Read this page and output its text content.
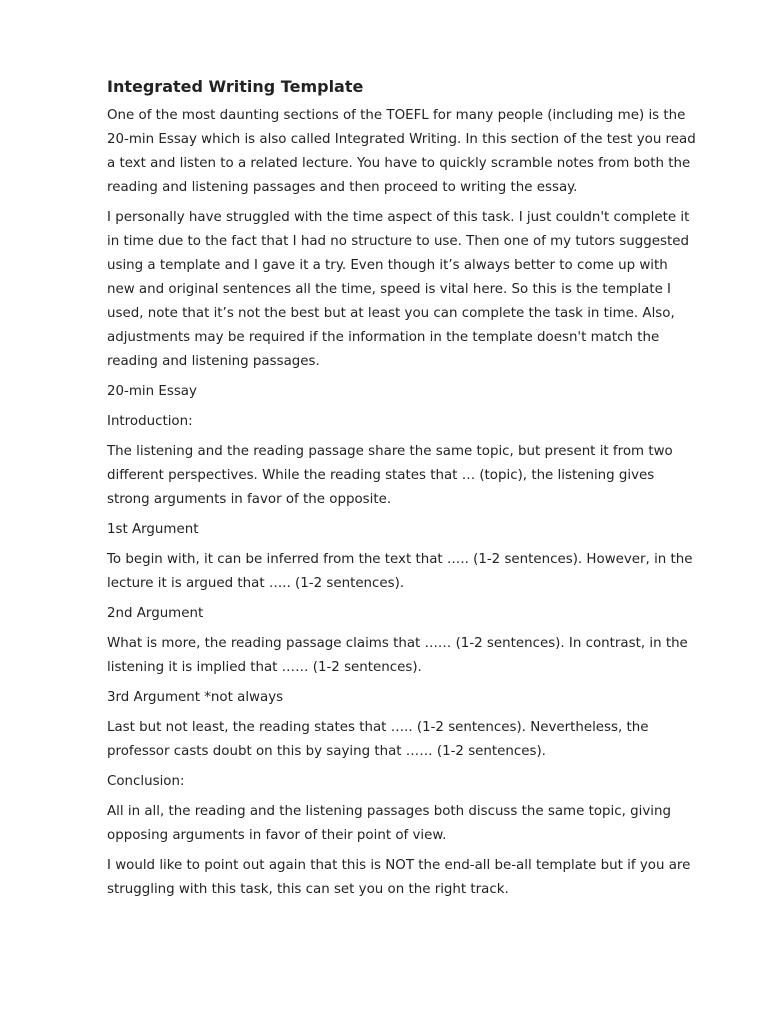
Integrated Writing Template

One of the most daunting sections of the TOEFL for many people (including me) is the 20-min Essay which is also called Integrated Writing. In this section of the test you read a text and listen to a related lecture. You have to quickly scramble notes from both the reading and listening passages and then proceed to writing the essay.

I personally have struggled with the time aspect of this task. I just couldn't complete it in time due to the fact that I had no structure to use. Then one of my tutors suggested using a template and I gave it a try. Even though it’s always better to come up with new and original sentences all the time, speed is vital here. So this is the template I used, note that it’s not the best but at least you can complete the task in time. Also, adjustments may be required if the information in the template doesn't match the reading and listening passages.

20-min Essay

Introduction:

The listening and the reading passage share the same topic, but present it from two different perspectives. While the reading states that … (topic), the listening gives strong arguments in favor of the opposite.

1st Argument

To begin with, it can be inferred from the text that ….. (1-2 sentences). However, in the lecture it is argued that ….. (1-2 sentences).

2nd Argument

What is more, the reading passage claims that …… (1-2 sentences). In contrast, in the listening it is implied that …… (1-2 sentences).

3rd Argument *not always

Last but not least, the reading states that ….. (1-2 sentences). Nevertheless, the professor casts doubt on this by saying that …… (1-2 sentences).

Conclusion:

All in all, the reading and the listening passages both discuss the same topic, giving opposing arguments in favor of their point of view.

I would like to point out again that this is NOT the end-all be-all template but if you are struggling with this task, this can set you on the right track.
